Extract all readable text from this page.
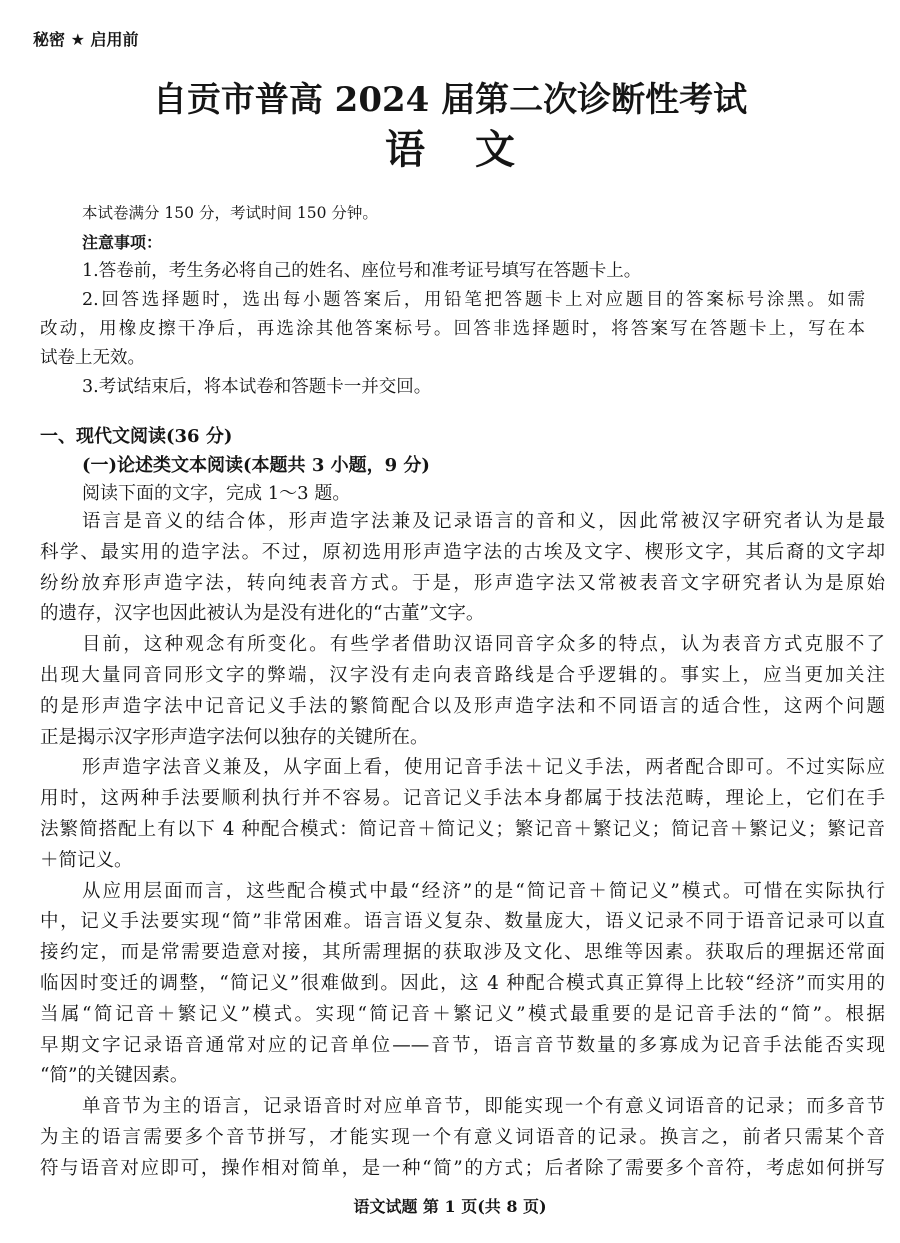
秘密 ★ 启用前
自贡市普高 2024 届第二次诊断性考试
语文
本试卷满分 150 分，考试时间 150 分钟。
注意事项：
1.答卷前，考生务必将自己的姓名、座位号和准考证号填写在答题卡上。
2.回答选择题时，选出每小题答案后，用铅笔把答题卡上对应题目的答案标号涂黑。如需
改动，用橡皮擦干净后，再选涂其他答案标号。回答非选择题时，将答案写在答题卡上，写在本
试卷上无效。
3.考试结束后，将本试卷和答题卡一并交回。
一、现代文阅读(36 分)
(一)论述类文本阅读(本题共 3 小题，9 分)
阅读下面的文字，完成 1～3 题。
语言是音义的结合体，形声造字法兼及记录语言的音和义，因此常被汉字研究者认为是最
科学、最实用的造字法。不过，原初选用形声造字法的古埃及文字、楔形文字，其后裔的文字却
纷纷放弃形声造字法，转向纯表音方式。于是，形声造字法又常被表音文字研究者认为是原始
的遗存，汉字也因此被认为是没有进化的“古董”文字。
目前，这种观念有所变化。有些学者借助汉语同音字众多的特点，认为表音方式克服不了
出现大量同音同形文字的弊端，汉字没有走向表音路线是合乎逻辑的。事实上，应当更加关注
的是形声造字法中记音记义手法的繁简配合以及形声造字法和不同语言的适合性，这两个问题
正是揭示汉字形声造字法何以独存的关键所在。
形声造字法音义兼及，从字面上看，使用记音手法＋记义手法，两者配合即可。不过实际应
用时，这两种手法要顺利执行并不容易。记音记义手法本身都属于技法范畴，理论上，它们在手
法繁简搭配上有以下 4 种配合模式：简记音＋简记义；繁记音＋繁记义；简记音＋繁记义；繁记音
＋简记义。
从应用层面而言，这些配合模式中最“经济”的是“简记音＋简记义”模式。可惜在实际执行
中，记义手法要实现“简”非常困难。语言语义复杂、数量庞大，语义记录不同于语音记录可以直
接约定，而是常需要造意对接，其所需理据的获取涉及文化、思维等因素。获取后的理据还常面
临因时变迁的调整，“简记义”很难做到。因此，这 4 种配合模式真正算得上比较“经济”而实用的
当属“简记音＋繁记义”模式。实现“简记音＋繁记义”模式最重要的是记音手法的“简”。根据
早期文字记录语音通常对应的记音单位——音节，语言音节数量的多寡成为记音手法能否实现
“简”的关键因素。
单音节为主的语言，记录语音时对应单音节，即能实现一个有意义词语音的记录；而多音节
为主的语言需要多个音节拼写，才能实现一个有意义词语音的记录。换言之，前者只需某个音
符与语音对应即可，操作相对简单，是一种“简”的方式；后者除了需要多个音符，考虑如何拼写
语文试题 第 1 页(共 8 页)
